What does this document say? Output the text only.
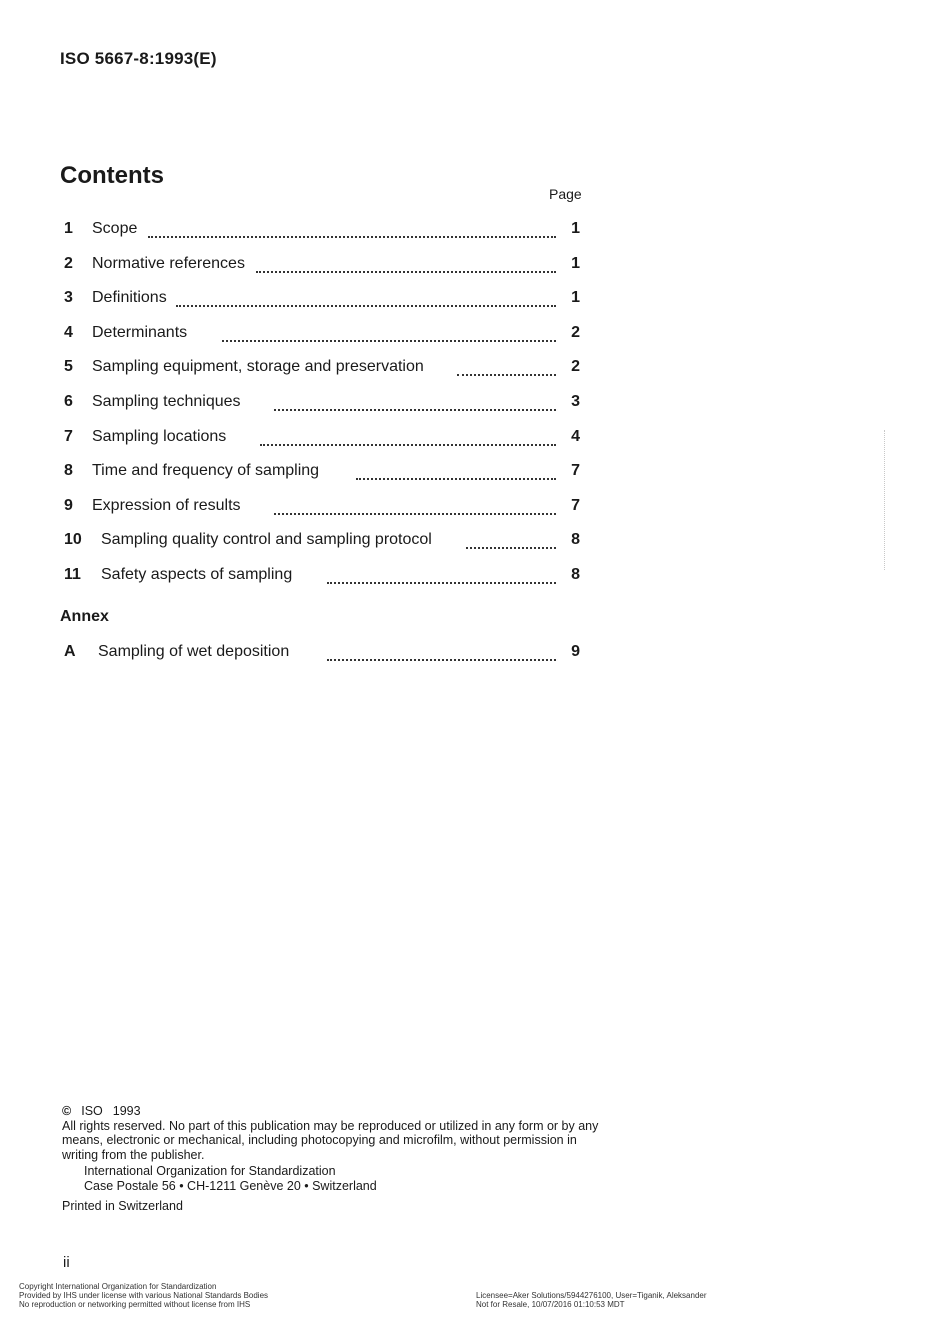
ISO 5667-8:1993(E)
Contents
Page
1 Scope	1
2 Normative references	1
3 Definitions	1
4 Determinants	2
5 Sampling equipment, storage and preservation	2
6 Sampling techniques	3
7 Sampling locations	4
8 Time and frequency of sampling	7
9 Expression of results	7
10 Sampling quality control and sampling protocol	8
11 Safety aspects of sampling	8
Annex
A Sampling of wet deposition	9
© ISO 1993

All rights reserved. No part of this publication may be reproduced or utilized in any form or by any means, electronic or mechanical, including photocopying and microfilm, without permission in writing from the publisher.

International Organization for Standardization
Case Postale 56 • CH-1211 Genève 20 • Switzerland
Printed in Switzerland
ii
Copyright International Organization for Standardization
Provided by IHS under license with various National Standards Bodies
No reproduction or networking permitted without license from IHS
Licensee=Aker Solutions/5944276100, User=Tiganik, Aleksander
Not for Resale, 10/07/2016 01:10:53 MDT
